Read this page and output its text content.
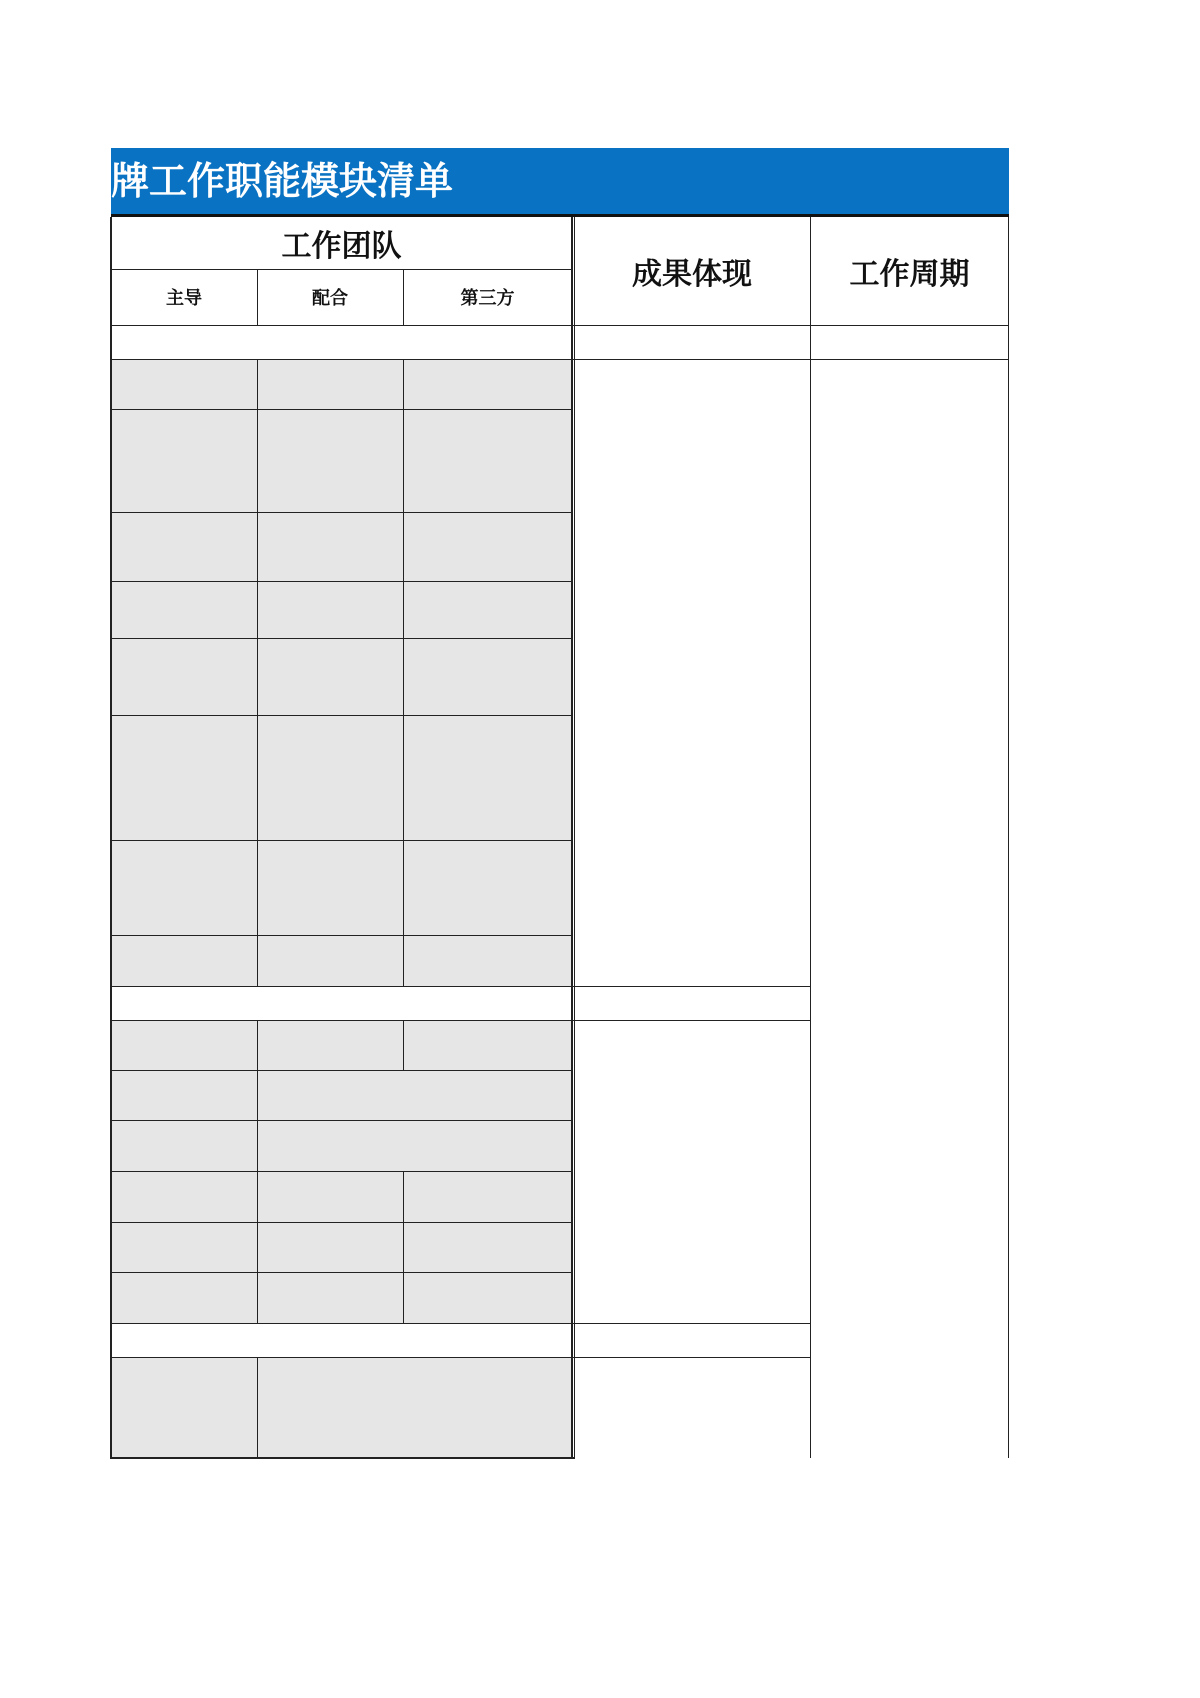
牌工作职能模块清单
工作团队
主导	配合	第三方
成果体现	工作周期
